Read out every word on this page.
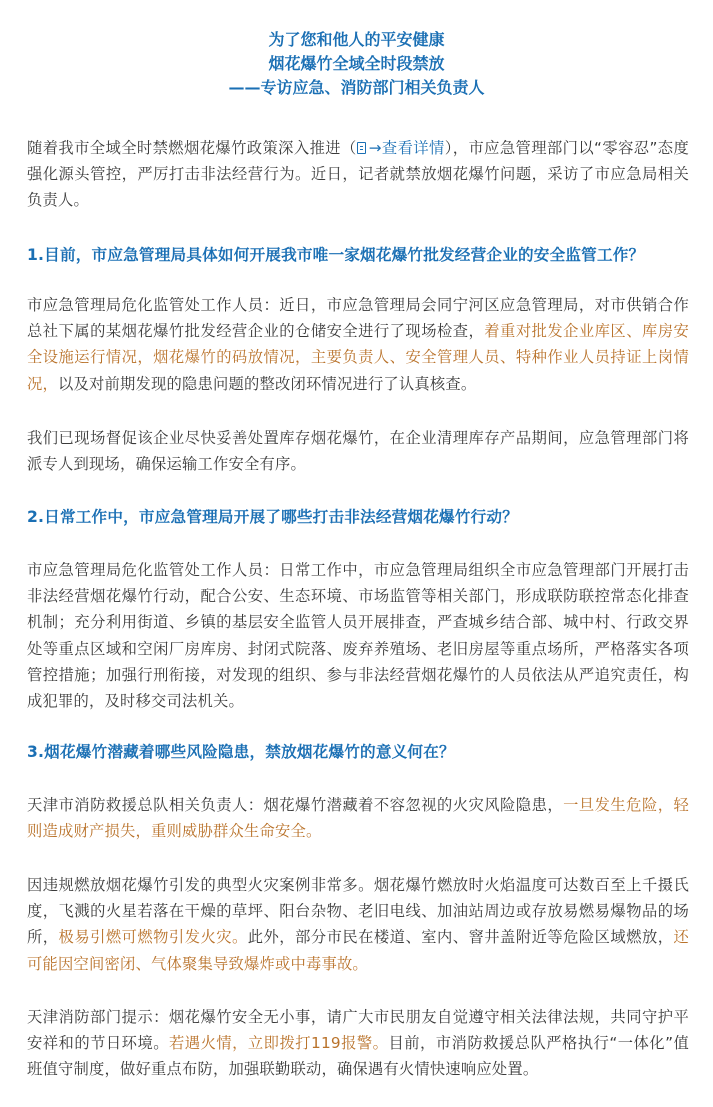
为了您和他人的平安健康
烟花爆竹全域全时段禁放
——专访应急、消防部门相关负责人

随着我市全域全时禁燃烟花爆竹政策深入推进（ →查看详情），市应急管理部门以“零容忍”态度强化源头管控，严厉打击非法经营行为。近日，记者就禁放烟花爆竹问题，采访了市应急局相关负责人。

1.目前，市应急管理局具体如何开展我市唯一家烟花爆竹批发经营企业的安全监管工作？

市应急管理局危化监管处工作人员：近日，市应急管理局会同宁河区应急管理局，对市供销合作总社下属的某烟花爆竹批发经营企业的仓储安全进行了现场检查，着重对批发企业库区、库房安全设施运行情况，烟花爆竹的码放情况，主要负责人、安全管理人员、特种作业人员持证上岗情况，以及对前期发现的隐患问题的整改闭环情况进行了认真核查。

我们已现场督促该企业尽快妥善处置库存烟花爆竹，在企业清理库存产品期间，应急管理部门将派专人到现场，确保运输工作安全有序。

2.日常工作中，市应急管理局开展了哪些打击非法经营烟花爆竹行动？

市应急管理局危化监管处工作人员：日常工作中，市应急管理局组织全市应急管理部门开展打击非法经营烟花爆竹行动，配合公安、生态环境、市场监管等相关部门，形成联防联控常态化排查机制；充分利用街道、乡镇的基层安全监管人员开展排查，严查城乡结合部、城中村、行政交界处等重点区域和空闲厂房库房、封闭式院落、废弃养殖场、老旧房屋等重点场所，严格落实各项管控措施；加强行刑衔接，对发现的组织、参与非法经营烟花爆竹的人员依法从严追究责任，构成犯罪的，及时移交司法机关。

3.烟花爆竹潜藏着哪些风险隐患，禁放烟花爆竹的意义何在？

天津市消防救援总队相关负责人：烟花爆竹潜藏着不容忽视的火灾风险隐患，一旦发生危险，轻则造成财产损失，重则威胁群众生命安全。

因违规燃放烟花爆竹引发的典型火灾案例非常多。烟花爆竹燃放时火焰温度可达数百至上千摄氏度，飞溅的火星若落在干燥的草坪、阳台杂物、老旧电线、加油站周边或存放易燃易爆物品的场所，极易引燃可燃物引发火灾。此外，部分市民在楼道、室内、窨井盖附近等危险区域燃放，还可能因空间密闭、气体聚集导致爆炸或中毒事故。

天津消防部门提示：烟花爆竹安全无小事，请广大市民朋友自觉遵守相关法律法规，共同守护平安祥和的节日环境。若遇火情，立即拨打119报警。目前，市消防救援总队严格执行“一体化”值班值守制度，做好重点布防，加强联勤联动，确保遇有火情快速响应处置。
